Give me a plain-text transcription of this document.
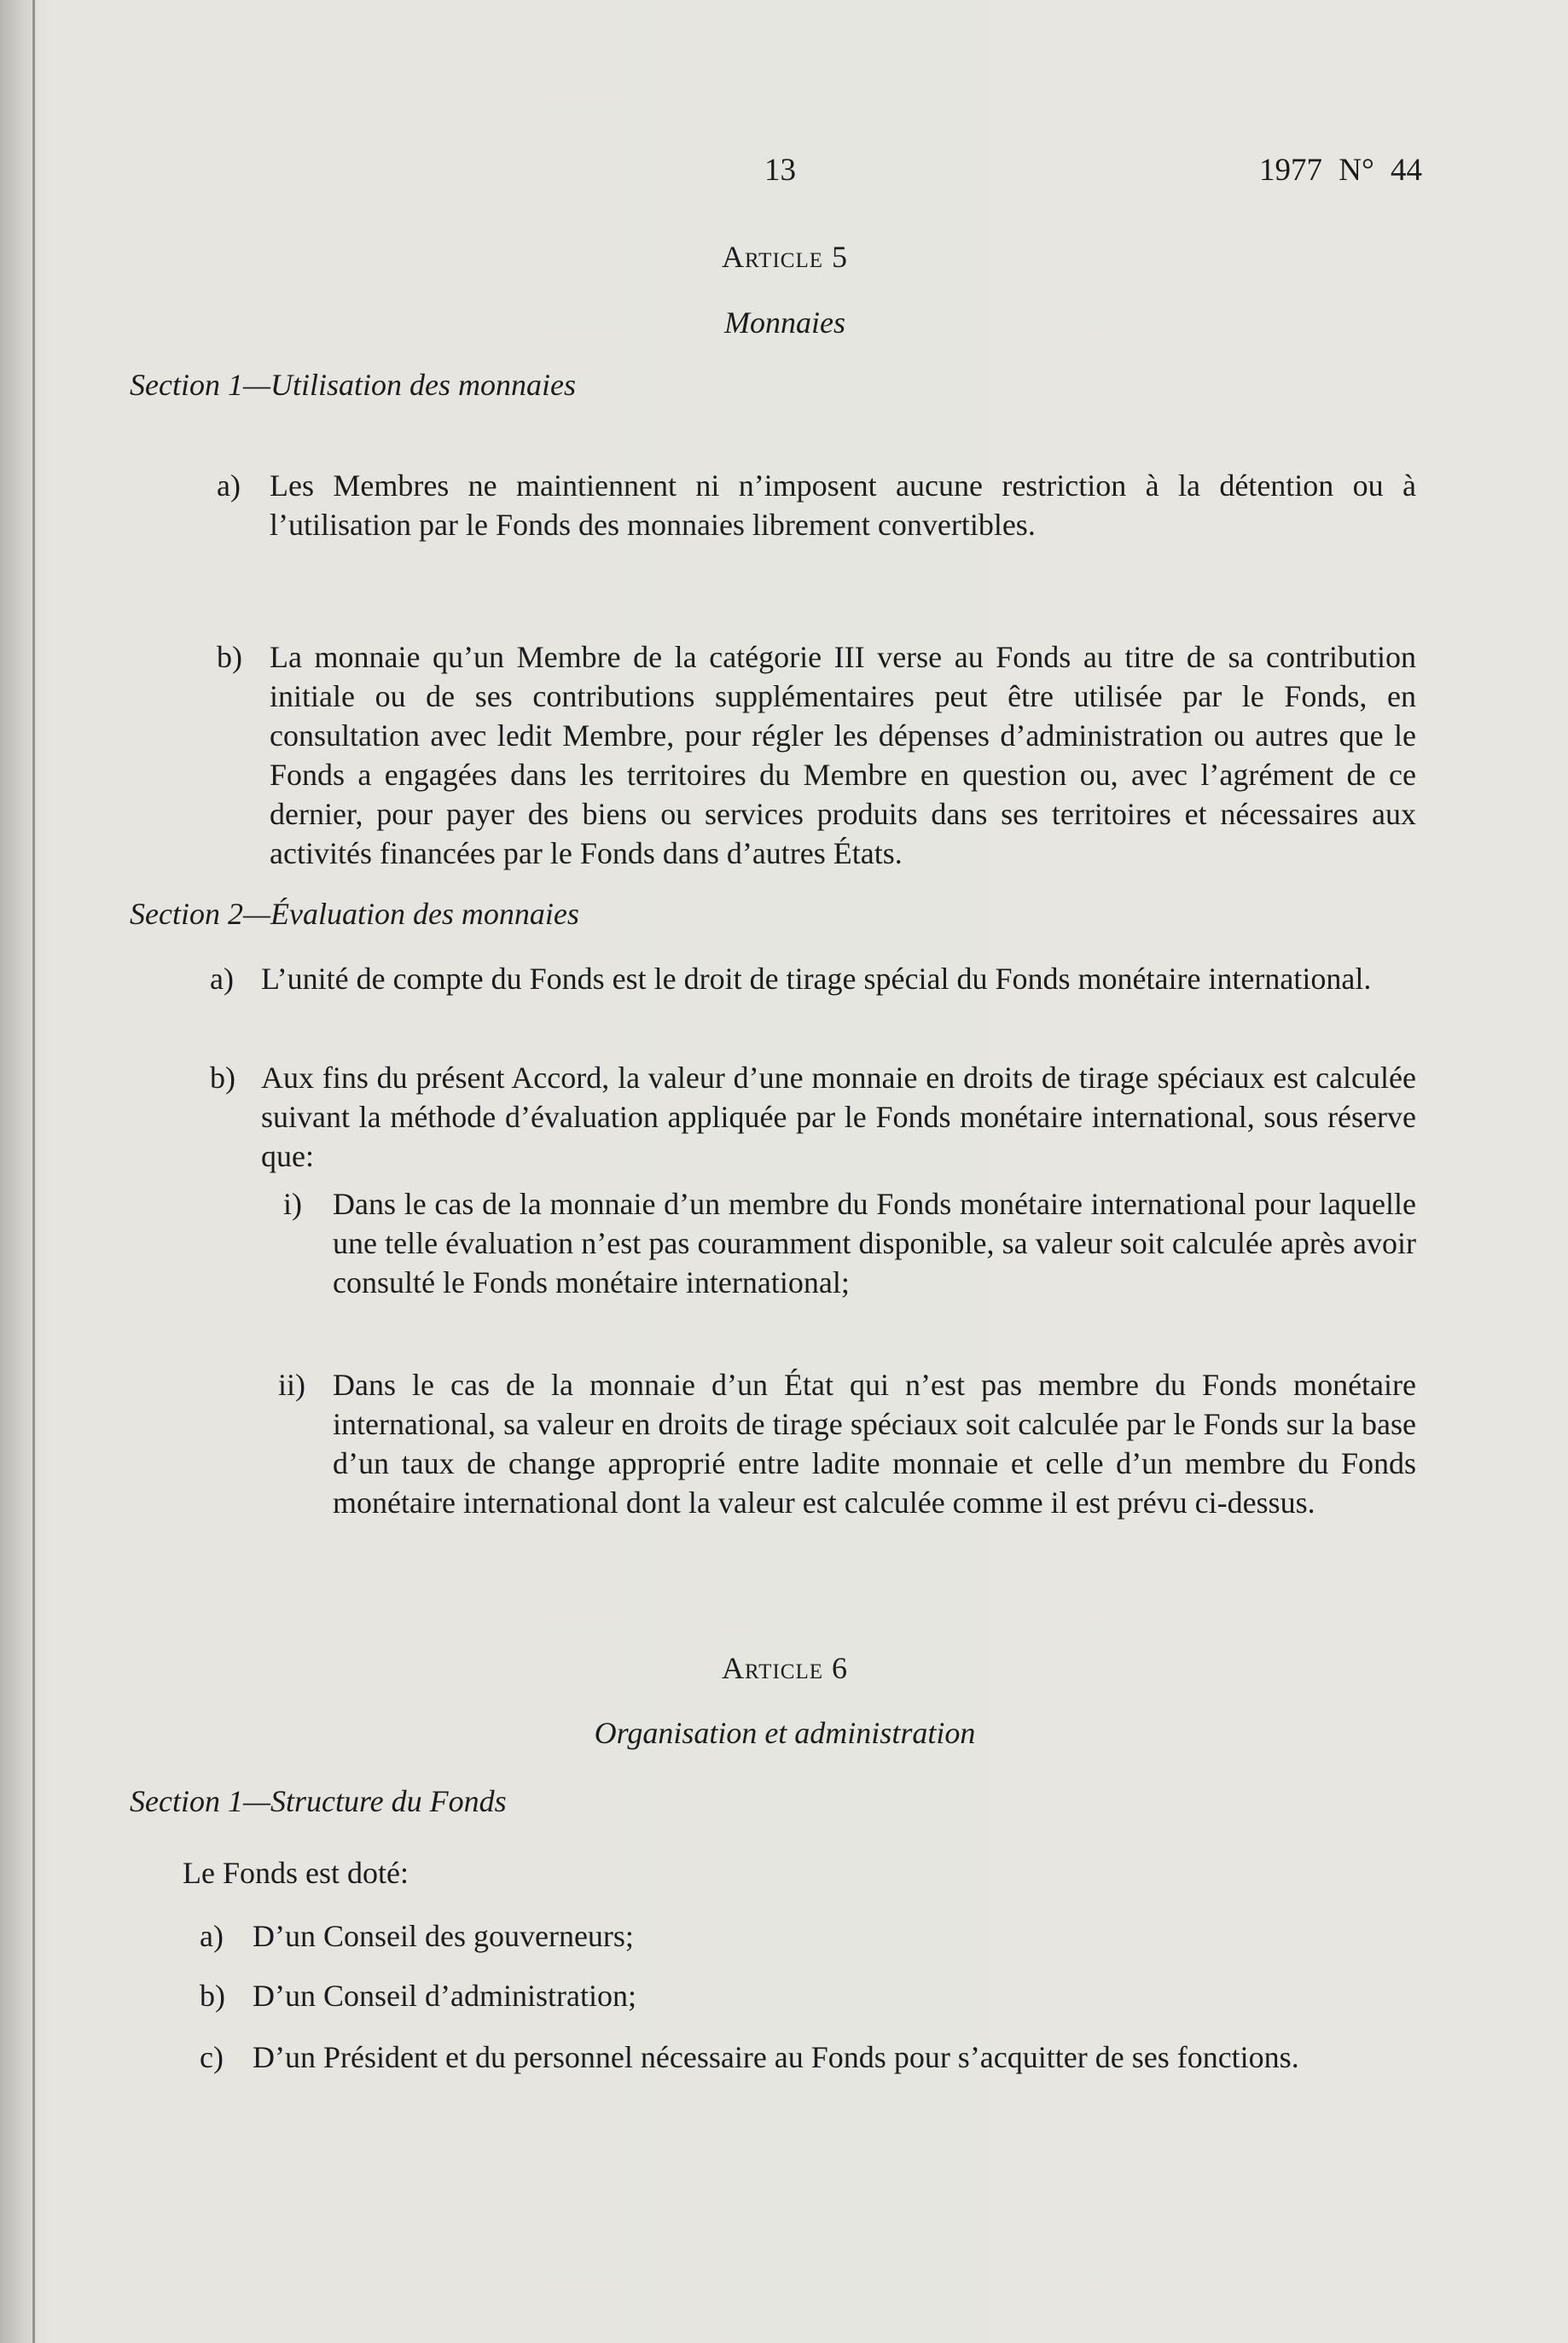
13	1977 N° 44
Article 5
Monnaies
Section 1—Utilisation des monnaies
a) Les Membres ne maintiennent ni n’imposent aucune restriction à la détention ou à l’utilisation par le Fonds des monnaies librement convertibles.
b) La monnaie qu’un Membre de la catégorie III verse au Fonds au titre de sa contribution initiale ou de ses contributions supplémentaires peut être utilisée par le Fonds, en consultation avec ledit Membre, pour régler les dépenses d’administration ou autres que le Fonds a engagées dans les territoires du Membre en question ou, avec l’agrément de ce dernier, pour payer des biens ou services produits dans ses territoires et nécessaires aux activités financées par le Fonds dans d’autres États.
Section 2—Évaluation des monnaies
a) L’unité de compte du Fonds est le droit de tirage spécial du Fonds monétaire international.
b) Aux fins du présent Accord, la valeur d’une monnaie en droits de tirage spéciaux est calculée suivant la méthode d’évaluation appliquée par le Fonds monétaire international, sous réserve que:
i) Dans le cas de la monnaie d’un membre du Fonds monétaire international pour laquelle une telle évaluation n’est pas couramment disponible, sa valeur soit calculée après avoir consulté le Fonds monétaire international;
ii) Dans le cas de la monnaie d’un État qui n’est pas membre du Fonds monétaire international, sa valeur en droits de tirage spéciaux soit calculée par le Fonds sur la base d’un taux de change approprié entre ladite monnaie et celle d’un membre du Fonds monétaire international dont la valeur est calculée comme il est prévu ci-dessus.
Article 6
Organisation et administration
Section 1—Structure du Fonds
Le Fonds est doté:
a) D’un Conseil des gouverneurs;
b) D’un Conseil d’administration;
c) D’un Président et du personnel nécessaire au Fonds pour s’acquitter de ses fonctions.
